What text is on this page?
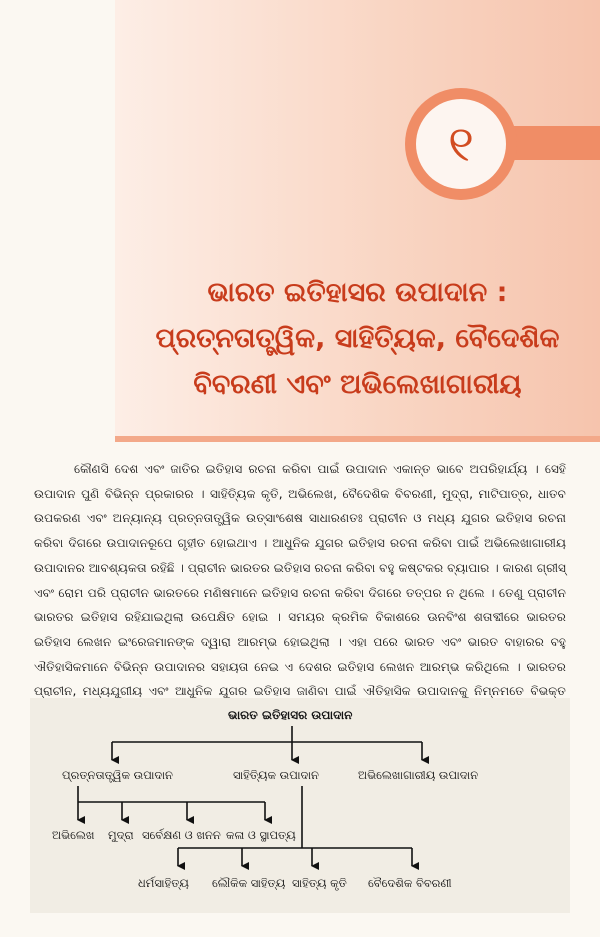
୧
ଭାରତ ଇତିହାସର ଉପାଦାନ : ପ୍ରତ୍ନତାତ୍ତ୍ୱିକ, ସାହିତ୍ୟିକ, ବୈଦେଶିକ ବିବରଣୀ ଏବଂ ଅଭିଲେଖାଗାରୀୟ

କୌଣସି ଦେଶ ଏବଂ ଜାତିର ଇତିହାସ ରଚନା କରିବା ପାଇଁ ଉପାଦାନ ଏକାନ୍ତ ଭାବେ ଅପରିହାର୍ଯ୍ୟ । ସେହି ଉପାଦାନ ପୁଣି ବିଭିନ୍ନ ପ୍ରକାରର । ସାହିତ୍ୟିକ କୃତି, ଅଭିଲେଖ, ବୈଦେଶିକ ବିବରଣୀ, ମୁଦ୍ରା, ମାଟିପାତ୍ର, ଧାତବ ଉପକରଣ ଏବଂ ଅନ୍ୟାନ୍ୟ ପ୍ରତ୍ନତାତ୍ତ୍ୱିକ ଉତ୍ସାଂଶେଷ ସାଧାରଣତଃ ପ୍ରାଚୀନ ଓ ମଧ୍ୟ ଯୁଗର ଇତିହାସ ରଚନା କରିବା ଦିଗରେ ଉପାଦାନରୂପେ ଗୃହୀତ ହୋଇଥାଏ । ଆଧୁନିକ ଯୁଗର ଇତିହାସ ରଚନା କରିବା ପାଇଁ ଅଭିଲେଖାଗାରୀୟ ଉପାଦାନର ଆବଶ୍ୟକତା ରହିଛି । ପ୍ରାଚୀନ ଭାରତର ଇତିହାସ ରଚନା କରିବା ବହୁ କଷ୍ଟକର ବ୍ୟାପାର । କାରଣ ଗ୍ରୀସ୍ ଏବଂ ରୋମ ପରି ପ୍ରାଚୀନ ଭାରତରେ ମଣିଷମାନେ ଇତିହାସ ରଚନା କରିବା ଦିଗରେ ତତ୍ପର ନ ଥିଲେ । ତେଣୁ ପ୍ରାଚୀନ ଭାରତର ଇତିହାସ ରହିଯାଇଥିଲା ଉପେକ୍ଷିତ ହୋଇ । ସମୟର କ୍ରମିକ ବିକାଶରେ ଊନବିଂଶ ଶତାବ୍ଦୀରେ ଭାରତର ଇତିହାସ ଲେଖନ ଇଂରେଜମାନଙ୍କ ଦ୍ୱାରା ଆରମ୍ଭ ହୋଇଥିଲା । ଏହା ପରେ ଭାରତ ଏବଂ ଭାରତ ବାହାରର ବହୁ ଐତିହାସିକମାନେ ବିଭିନ୍ନ ଉପାଦାନର ସହାୟତା ନେଇ ଏ ଦେଶର ଇତିହାସ ଲେଖନ ଆରମ୍ଭ କରିଥିଲେ । ଭାରତର ପ୍ରାଚୀନ, ମଧ୍ୟଯୁଗୀୟ ଏବଂ ଆଧୁନିକ ଯୁଗର ଇତିହାସ ଜାଣିବା ପାଇଁ ଐତିହାସିକ ଉପାଦାନକୁ ନିମ୍ନମତେ ବିଭକ୍ତ

ଭାରତ ଇତିହାସର ଉପାଦାନ
ପ୍ରତ୍ନତାତ୍ତ୍ୱିକ ଉପାଦାନ	ସାହିତ୍ୟିକ ଉପାଦାନ	ଅଭିଲେଖାଗାରୀୟ ଉପାଦାନ
ଅଭିଲେଖ ମୁଦ୍ରା ସର୍ବେକ୍ଷଣ ଓ ଖନନ କଳା ଓ ସ୍ଥାପତ୍ୟ
ଧର୍ମସାହିତ୍ୟ ଲୌକିକ ସାହିତ୍ୟ ସାହିତ୍ୟ କୃତି ବୈଦେଶିକ ବିବରଣୀ
